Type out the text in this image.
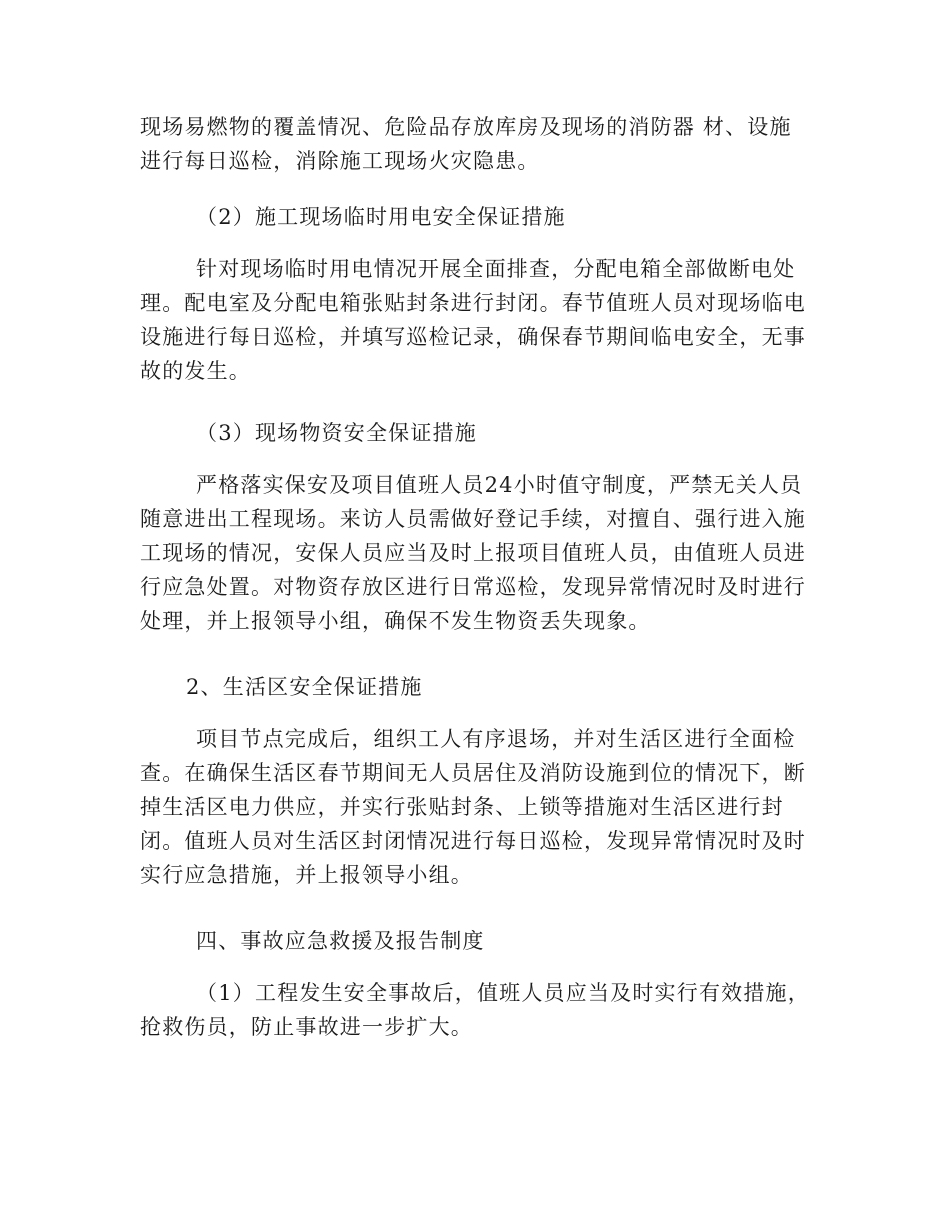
现场易燃物的覆盖情况、危险品存放库房及现场的消防器 材、设施进行每日巡检，消除施工现场火灾隐患。

（2）施工现场临时用电安全保证措施

针对现场临时用电情况开展全面排查，分配电箱全部做断电处理。配电室及分配电箱张贴封条进行封闭。春节值班人员对现场临电设施进行每日巡检，并填写巡检记录，确保春节期间临电安全，无事故的发生。

（3）现场物资安全保证措施

严格落实保安及项目值班人员24小时值守制度，严禁无关人员随意进出工程现场。来访人员需做好登记手续，对擅自、强行进入施工现场的情况，安保人员应当及时上报项目值班人员，由值班人员进行应急处置。对物资存放区进行日常巡检，发现异常情况时及时进行处理，并上报领导小组，确保不发生物资丢失现象。

2、生活区安全保证措施

项目节点完成后，组织工人有序退场，并对生活区进行全面检查。在确保生活区春节期间无人员居住及消防设施到位的情况下，断掉生活区电力供应，并实行张贴封条、上锁等措施对生活区进行封闭。值班人员对生活区封闭情况进行每日巡检，发现异常情况时及时实行应急措施，并上报领导小组。

四、事故应急救援及报告制度

（1）工程发生安全事故后，值班人员应当及时实行有效措施，抢救伤员，防止事故进一步扩大。
